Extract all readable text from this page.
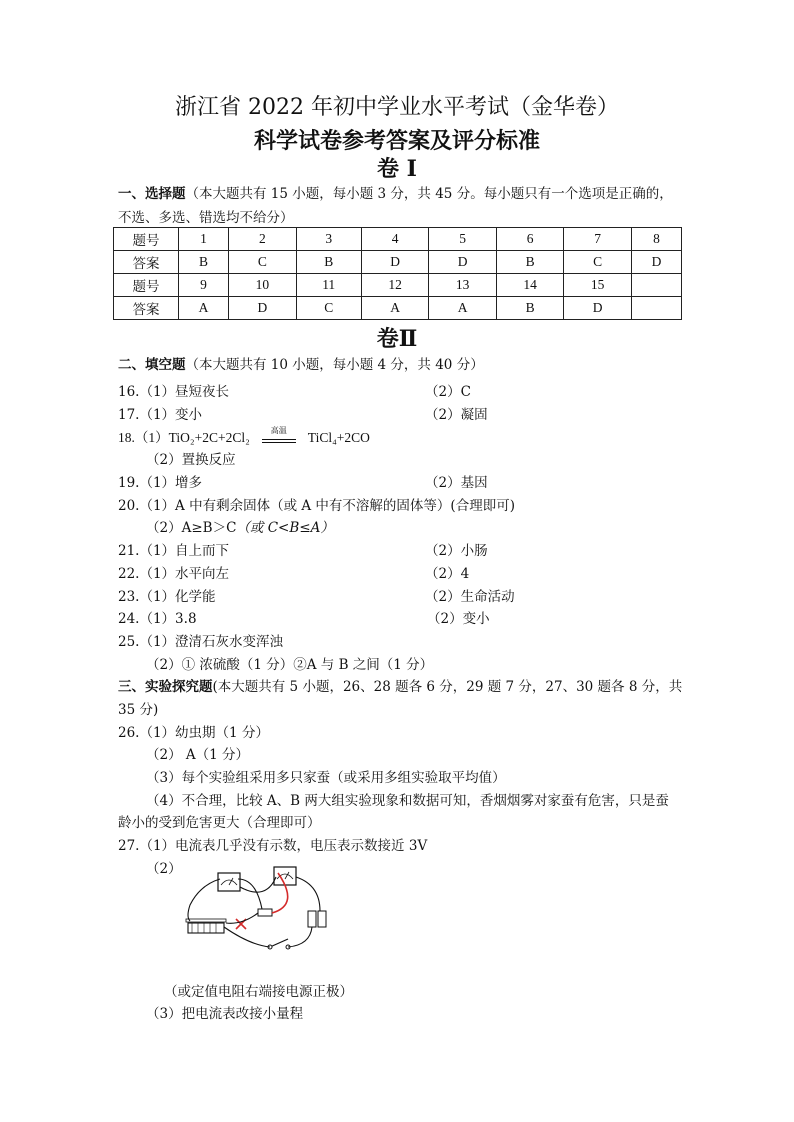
浙江省 2022 年初中学业水平考试（金华卷）
科学试卷参考答案及评分标准
卷 I
一、选择题（本大题共有 15 小题，每小题 3 分，共 45 分。每小题只有一个选项是正确的，
不选、多选、错选均不给分）
题号	1	2	3	4	5	6	7	8
答案	B	C	B	D	D	B	C	D
题号	9	10	11	12	13	14	15	
答案	A	D	C	A	A	B	D	
卷Ⅱ
二、填空题（本大题共有 10 小题，每小题 4 分，共 40 分）
16.（1）昼短夜长	（2）C
17.（1）变小	（2）凝固
18.（1）TiO₂+2C+2Cl₂	高温	TiCl₄+2CO
（2）置换反应
19.（1）增多	（2）基因
20.（1）A 中有剩余固体（或 A 中有不溶解的固体等）(合理即可)
（2）A≥B＞C（或 C<B≤A）
21.（1）自上而下	（2）小肠
22.（1）水平向左	（2）4
23.（1）化学能	（2）生命活动
24.（1）3.8	（2）变小
25.（1）澄清石灰水变浑浊
（2）① 浓硫酸（1 分）②A 与 B 之间（1 分）
三、实验探究题(本大题共有 5 小题，26、28 题各 6 分，29 题 7 分，27、30 题各 8 分，共
35 分)
26.（1）幼虫期（1 分）
（2） A（1 分）
（3）每个实验组采用多只家蚕（或采用多组实验取平均值）
（4）不合理，比较 A、B 两大组实验现象和数据可知，香烟烟雾对家蚕有危害，只是蚕
龄小的受到危害更大（合理即可）
27.（1）电流表几乎没有示数，电压表示数接近 3V
（2）
（或定值电阻右端接电源正极）
（3）把电流表改接小量程
